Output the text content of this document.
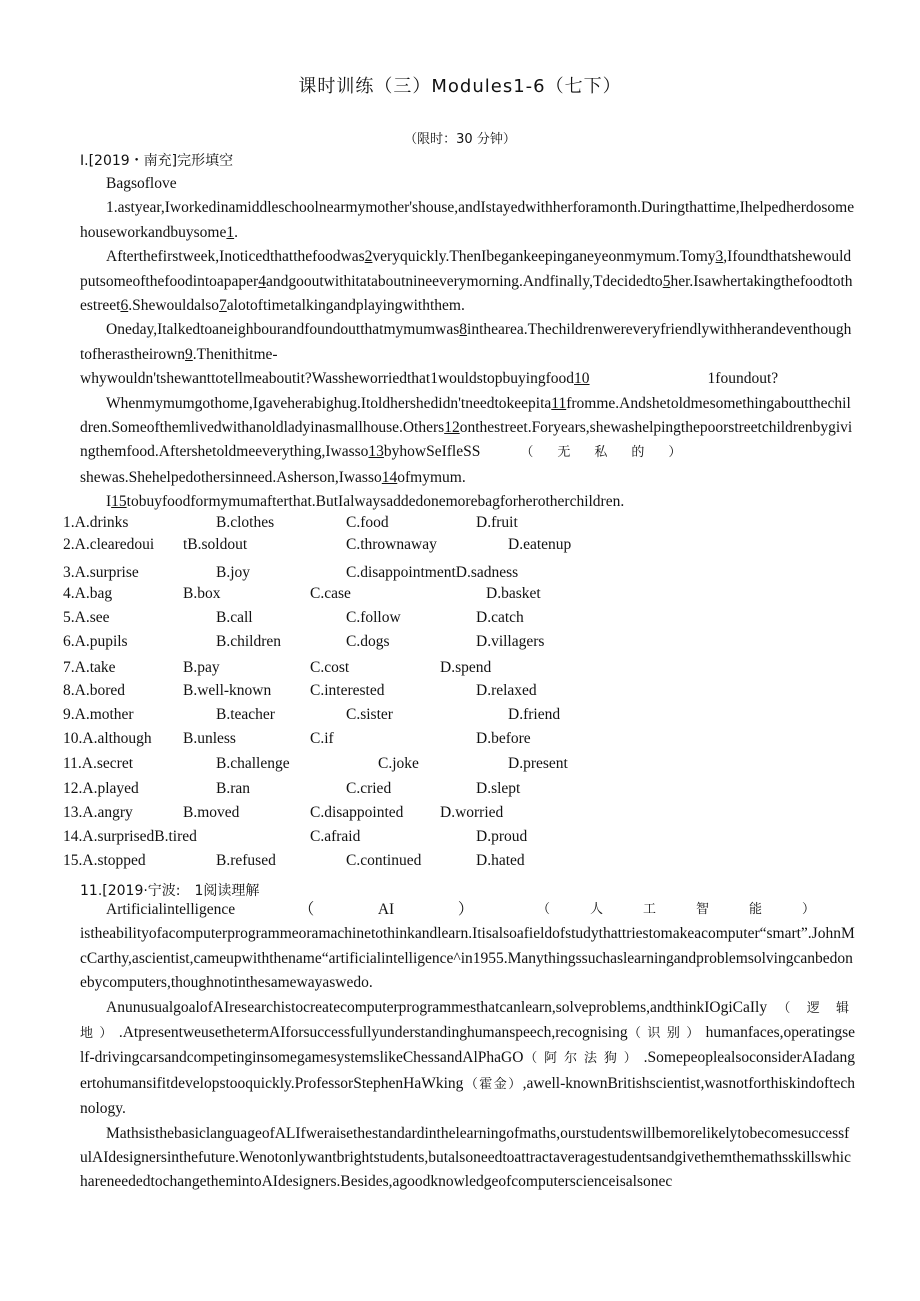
课时训练（三）Modules1-6（七下）
（限时：30 分钟）
I.[2019・南充]完形填空

Bagsoflove

1.astyear,Iworkedinamiddleschoolnearmymother'shouse,andIstayedwithherforamonth.Duringthattime,Ihelpedherdosomehouseworkandbuysome1.

Afterthefirstweek,Inoticedthatthefoodwas2veryquickly.ThenIbegankeepinganeyeonmymum.Tomy3,Ifoundthatshewouldputsomeofthefoodintoapaper4andgooutwithitataboutnineeverymorning.Andfinally,Tdecidedto5her.Isawhertakingthefoodtothestreet6.Shewouldalso7alotoftimetalkingandplayingwiththem.

Oneday,Italkedtoaneighbourandfoundoutthatmymumwas8inthearea.Thechildrenwereveryfriendlywithherandeventhoughtofherastheirown9.Thenithitme-

whywouldn'tshewanttotellmeaboutit?Wassheworriedthat1wouldstopbuyingfood10	1foundout?

Whenmymumgothome,Igaveherabighug.Itoldhershedidn'tneedtokeepita11fromme.Andshetoldmesomethingaboutthechildren.Someofthemlivedwithanoldladyinasmallhouse.Others12onthestreet.Foryears,shewashelpingthepoorstreetchildrenbygivingthemfood.Aftershetoldmeeverything,Iwasso13byhowSeIfleSS	（无私的）

shewas.Shehelpedothersinneed.Asherson,Iwasso14ofmymum.

I15tobuyfoodformymumafterthat.ButIalwaysaddedonemorebagforherotherchildren.

1.A.drinks	B.clothes	C.food	D.fruit
2.A.clearedoui tB.soldout	C.thrownaway	D.eatenup
3.A.surprise	B.joy	C.disappointmentD.sadness
4.A.bag	B.box	C.case	D.basket
5.A.see	B.call	C.follow	D.catch
6.A.pupils	B.children	C.dogs	D.villagers
7.A.take	B.pay	C.cost	D.spend
8.A.bored	B.well-known C.interested	D.relaxed
9.A.mother	B.teacher	C.sister	D.friend
10.A.although B.unless	C.if	D.before
11.A.secret	B.challenge	C.joke	D.present
12.A.played	B.ran	C.cried	D.slept
13.A.angry	B.moved	C.disappointed D.worried
14.A.surprisedB.tired	C.afraid	D.proud
15.A.stopped	B.refused	C.continued	D.hated
11.[2019·宁波:　1阅读理解

Artificialintelligence	（	AI	）	（人工智能）

istheabilityofacomputerprogrammeoramachinetothinkandlearn.Itisalsoafieldofstudythattriestomakeacomputer“smart”.JohnMcCarthy,ascientist,cameupwiththename“artificialintelligence^in1955.Manythingssuchaslearningandproblemsolvingcanbedonebycomputers,thoughnotinthesamewayaswedo.

AnunusualgoalofAIresearchistocreatecomputerprogrammesthatcanlearn,solveproblems,andthinkIOgiCaIly（逻辑地）.AtpresentweusethetermAIforsuccessfullyunderstandinghumanspeech,recognising（识别）humanfaces,operatingself-drivingcarsandcompetinginsomegamesystemslikeChessandAlPhaGO（阿尔法狗）.SomepeoplealsoconsiderAIadangertohumansifitdevelopstooquickly.ProfessorStephenHaWking（霍金）,awell-knownBritishscientist,wasnotforthiskindoftechnology.

MathsisthebasiclanguageofALIfweraisethestandardinthelearningofmaths,ourstudentswillbemorelikelytobecomesuccessfulAIdesignersinthefuture.Wenotonlywantbrightstudents,butalsoneedtoattractaveragestudentsandgivethemthemathsskillswhichareneededtochangethemintoAIdesigners.Besides,agoodknowledgeofcomputerscienceisalsonec
